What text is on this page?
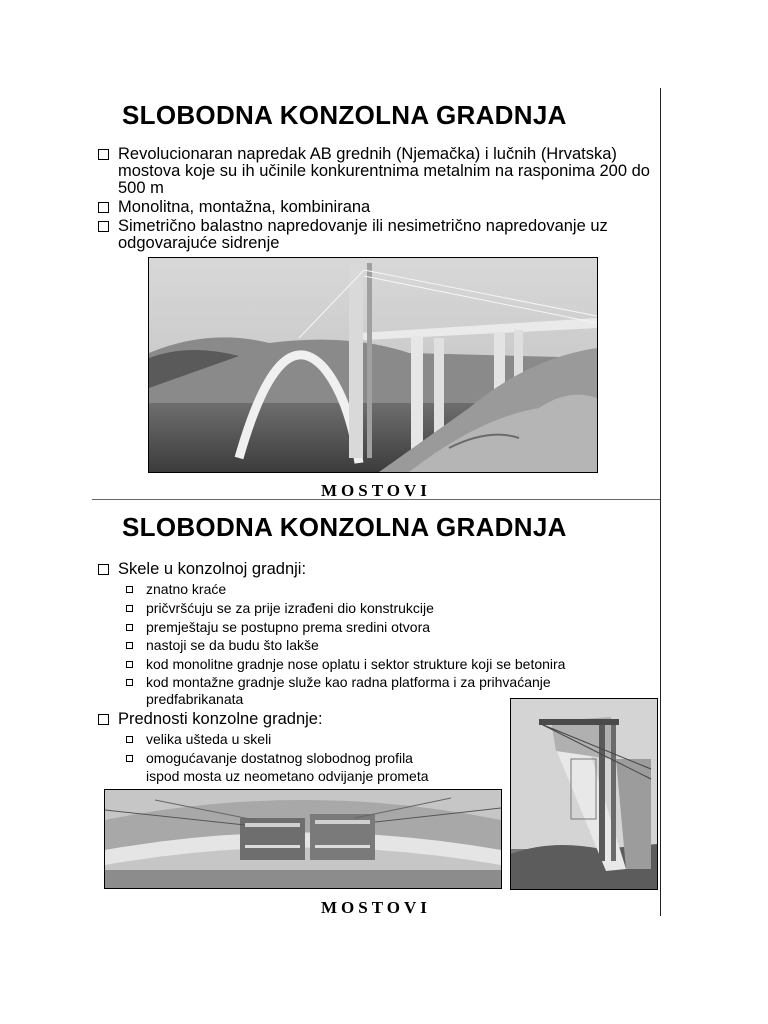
SLOBODNA KONZOLNA GRADNJA
Revolucionaran napredak AB grednih (Njemačka) i lučnih (Hrvatska) mostova koje su ih učinile konkurentnima metalnim na rasponima 200 do 500 m
Monolitna, montažna, kombinirana
Simetrično balastno napredovanje ili nesimetrično napredovanje uz odgovarajuće sidrenje
MOSTOVI
SLOBODNA KONZOLNA GRADNJA
Skele u konzolnoj gradnji:
znatno kraće
pričvršćuju se za prije izrađeni dio konstrukcije
premještaju se postupno prema sredini otvora
nastoji se da budu što lakše
kod monolitne gradnje nose oplatu i sektor strukture koji se betonira
kod montažne gradnje služe kao radna platforma i za prihvaćanje predfabrikanata
Prednosti konzolne gradnje:
velika ušteda u skeli
omogućavanje dostatnog slobodnog profila
ispod mosta uz neometano odvijanje prometa
MOSTOVI
